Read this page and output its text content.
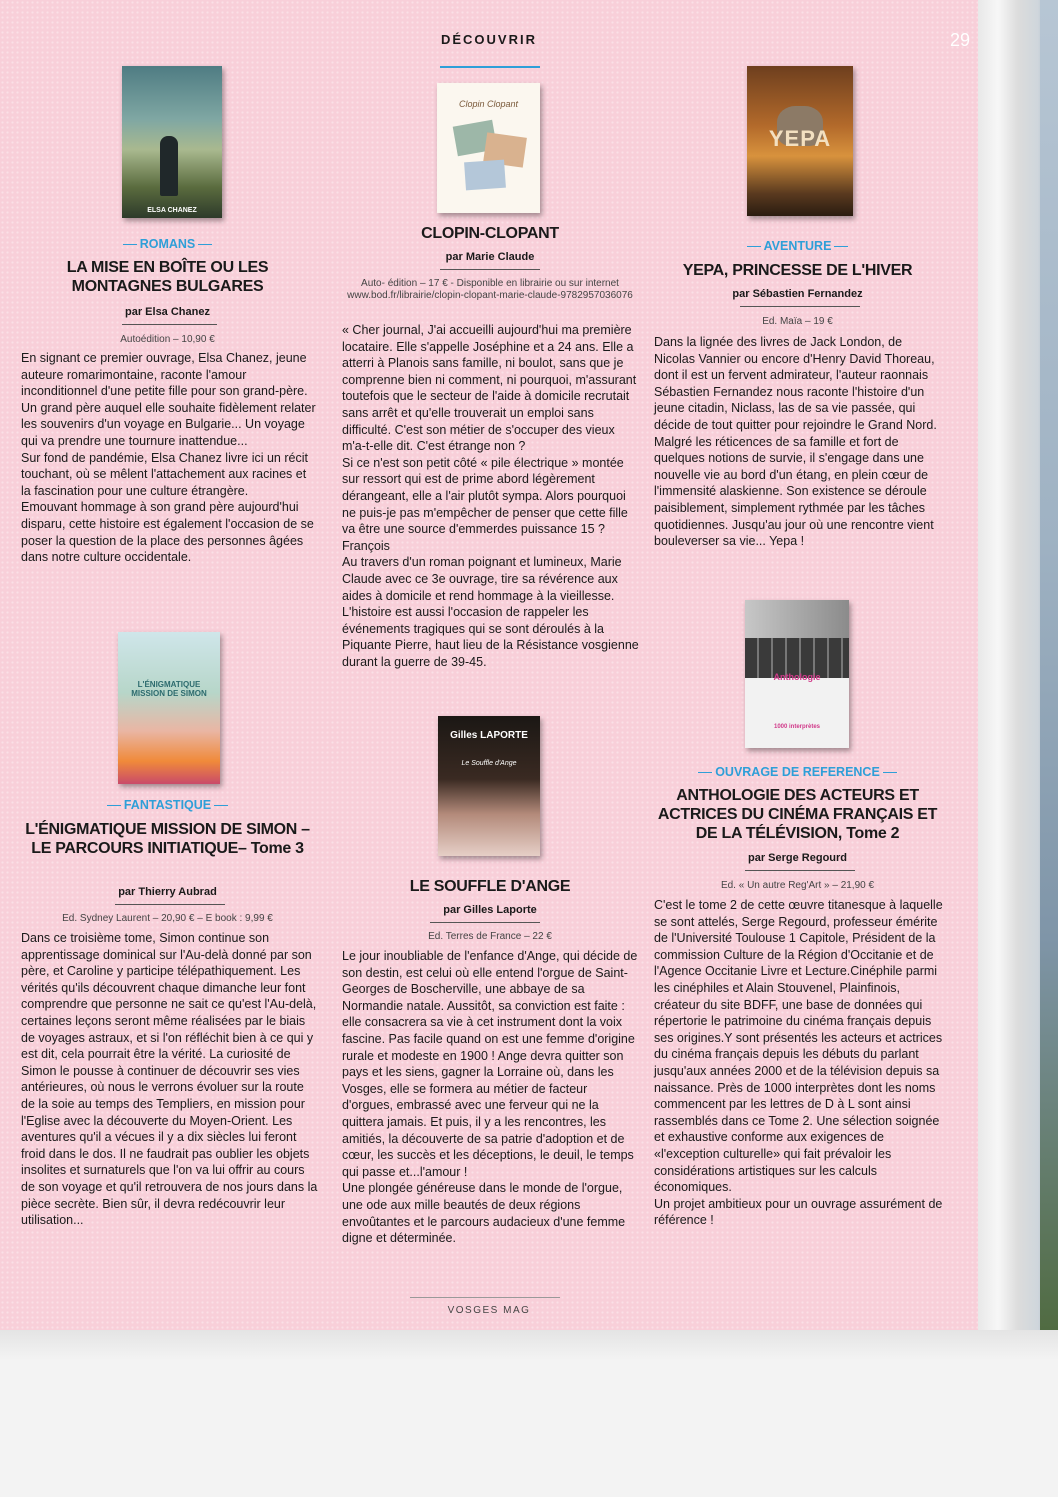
DÉCOUVRIR	29
ELSA CHANEZ
ROMANS
LA MISE EN BOÎTE OU LES MONTAGNES BULGARES
par Elsa Chanez
Autoédition – 10,90 €
En signant ce premier ouvrage, Elsa Chanez, jeune auteure romarimontaine, raconte l'amour inconditionnel d'une petite fille pour son grand-père. Un grand père auquel elle souhaite fidèlement relater les souvenirs d'un voyage en Bulgarie... Un voyage qui va prendre une tournure inattendue...
Sur fond de pandémie, Elsa Chanez livre ici un récit touchant, où se mêlent l'attachement aux racines et la fascination pour une culture étrangère.
Emouvant hommage à son grand père aujourd'hui disparu, cette histoire est également l'occasion de se poser la question de la place des personnes âgées dans notre culture occidentale.
L'ÉNIGMATIQUE MISSION DE SIMON
FANTASTIQUE
L'ÉNIGMATIQUE MISSION DE SIMON – LE PARCOURS INITIATIQUE– Tome 3
par Thierry Aubrad
Ed. Sydney Laurent – 20,90 € – E book : 9,99 €
Dans ce troisième tome, Simon continue son apprentissage dominical sur l'Au-delà donné par son père, et Caroline y participe télépathiquement. Les vérités qu'ils découvrent chaque dimanche leur font comprendre que personne ne sait ce qu'est l'Au-delà, certaines leçons seront même réalisées par le biais de voyages astraux, et si l'on réfléchit bien à ce qui y est dit, cela pourrait être la vérité. La curiosité de Simon le pousse à continuer de découvrir ses vies antérieures, où nous le verrons évoluer sur la route de la soie au temps des Templiers, en mission pour l'Eglise avec la découverte du Moyen-Orient. Les aventures qu'il a vécues il y a dix siècles lui feront froid dans le dos. Il ne faudrait pas oublier les objets insolites et surnaturels que l'on va lui offrir au cours de son voyage et qu'il retrouvera de nos jours dans la pièce secrète. Bien sûr, il devra redécouvrir leur utilisation...
Clopin Clopant
CLOPIN-CLOPANT
par Marie Claude
Auto- édition – 17 € - Disponible en librairie ou sur internet www.bod.fr/librairie/clopin-clopant-marie-claude-9782957036076
« Cher journal, J'ai accueilli aujourd'hui ma première locataire. Elle s'appelle Joséphine et a 24 ans. Elle a atterri à Planois sans famille, ni boulot, sans que je comprenne bien ni comment, ni pourquoi, m'assurant toutefois que le secteur de l'aide à domicile recrutait sans arrêt et qu'elle trouverait un emploi sans difficulté. C'est son métier de s'occuper des vieux m'a-t-elle dit. C'est étrange non ?
Si ce n'est son petit côté « pile électrique » montée sur ressort qui est de prime abord légèrement dérangeant, elle a l'air plutôt sympa. Alors pourquoi ne puis-je pas m'empêcher de penser que cette fille va être une source d'emmerdes puissance 15 ? François
Au travers d'un roman poignant et lumineux, Marie Claude avec ce 3e ouvrage, tire sa révérence aux aides à domicile et rend hommage à la vieillesse. L'histoire est aussi l'occasion de rappeler les événements tragiques qui se sont déroulés à la Piquante Pierre, haut lieu de la Résistance vosgienne durant la guerre de 39-45.
Gilles LAPORTE
Le Souffle d'Ange
LE SOUFFLE D'ANGE
par Gilles Laporte
Ed. Terres de France – 22 €
Le jour inoubliable de l'enfance d'Ange, qui décide de son destin, est celui où elle entend l'orgue de Saint-Georges de Boscherville, une abbaye de sa Normandie natale. Aussitôt, sa conviction est faite : elle consacrera sa vie à cet instrument dont la voix fascine. Pas facile quand on est une femme d'origine rurale et modeste en 1900 ! Ange devra quitter son pays et les siens, gagner la Lorraine où, dans les Vosges, elle se formera au métier de facteur d'orgues, embrassé avec une ferveur qui ne la quittera jamais. Et puis, il y a les rencontres, les amitiés, la découverte de sa patrie d'adoption et de cœur, les succès et les déceptions, le deuil, le temps qui passe et...l'amour !
Une plongée généreuse dans le monde de l'orgue, une ode aux mille beautés de deux régions envoûtantes et le parcours audacieux d'une femme digne et déterminée.
YEPA
AVENTURE
YEPA, PRINCESSE DE L'HIVER
par Sébastien Fernandez
Ed. Maïa – 19 €
Dans la lignée des livres de Jack London, de Nicolas Vannier ou encore d'Henry David Thoreau, dont il est un fervent admirateur, l'auteur raonnais Sébastien Fernandez nous raconte l'histoire d'un jeune citadin, Niclass, las de sa vie passée, qui décide de tout quitter pour rejoindre le Grand Nord. Malgré les réticences de sa famille et fort de quelques notions de survie, il s'engage dans une nouvelle vie au bord d'un étang, en plein cœur de l'immensité alaskienne. Son existence se déroule paisiblement, simplement rythmée par les tâches quotidiennes. Jusqu'au jour où une rencontre vient bouleverser sa vie... Yepa !
Anthologie
1000 interprètes
OUVRAGE DE REFERENCE
ANTHOLOGIE DES ACTEURS ET ACTRICES DU CINÉMA FRANÇAIS ET DE LA TÉLÉVISION, Tome 2
par Serge Regourd
Ed. « Un autre Reg'Art » – 21,90 €
C'est le tome 2 de cette œuvre titanesque à laquelle se sont attelés, Serge Regourd, professeur émérite de l'Université Toulouse 1 Capitole, Président de la commission Culture de la Région d'Occitanie et de l'Agence Occitanie Livre et Lecture.Cinéphile parmi les cinéphiles et Alain Stouvenel, Plainfinois, créateur du site BDFF, une base de données qui répertorie le patrimoine du cinéma français depuis ses origines.Y sont présentés les acteurs et actrices du cinéma français depuis les débuts du parlant jusqu'aux années 2000 et de la télévision depuis sa naissance. Près de 1000 interprètes dont les noms commencent par les lettres de D à L sont ainsi rassemblés dans ce Tome 2. Une sélection soignée et exhaustive conforme aux exigences de «l'exception culturelle» qui fait prévaloir les considérations artistiques sur les calculs économiques.
Un projet ambitieux pour un ouvrage assurément de référence !
VOSGES MAG
